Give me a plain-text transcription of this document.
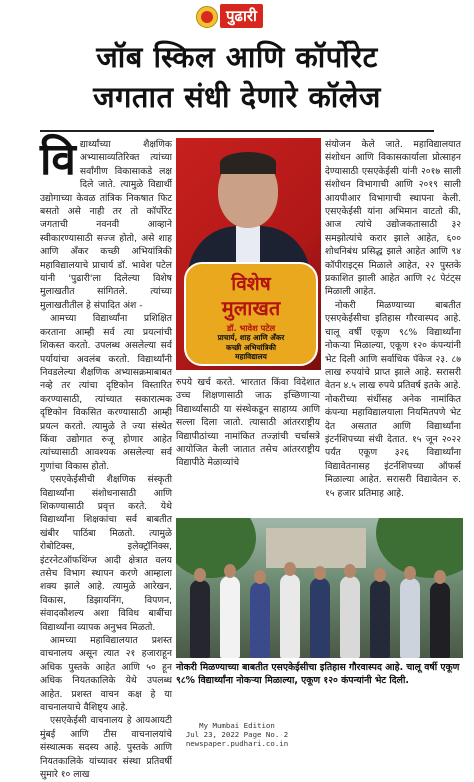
पुढारी
जॉब स्किल आणि कॉर्पोरेट
जगतात संधी देणारे कॉलेज
वि द्यार्थ्यांच्या शैक्षणिक अभ्यासाव्यतिरिक्त त्यांच्या सर्वांगीण विकासाकडे लक्ष दिले जाते. त्यामुळे विद्यार्थी उद्योगाच्या केवळ तांत्रिक निकषात फिट बसतो असे नाही तर तो कॉर्पोरेट जगताची नवनवी आव्हाने स्वीकारण्यासाठी सज्ज होतो, असे शाह आणि ॲंकर कच्छी अभियांत्रिकी महाविद्यालयाचे प्राचार्य डॉ. भावेश पटेल यांनी 'पुढारी'ला दिलेल्या विशेष मुलाखतीत सांगितले. त्यांच्या मुलाखतीतील हे संपादित अंश -

आमच्या विद्यार्थ्यांना प्रशिक्षित करताना आम्ही सर्व त्या प्रयत्नांची शिकस्त करतो. उपलब्ध असलेल्या सर्व पर्यायांचा अवलंब करतो. विद्यार्थ्यांनी निवडलेल्या शैक्षणिक अभ्यासक्रमाबाबत नव्हे तर त्यांचा दृष्टिकोन विस्तारित करण्यासाठी, त्यांच्यात सकारात्मक दृष्टिकोन विकसित करण्यासाठी आम्ही प्रयत्न करतो. त्यामुळे ते ज्या संस्थेत किंवा उद्योगात रुजू होणार आहेत त्यांच्यासाठी आवश्यक असलेल्या सर्व गुणांचा विकास होतो.

एसएकेईसीची शैक्षणिक संस्कृती विद्यार्थ्यांना संशोधनासाठी आणि शिकण्यासाठी प्रवृत्त करते. येथे विद्यार्थ्यांना शिक्षकांचा सर्व बाबतीत खंबीर पाठिंबा मिळतो. त्यामुळे रोबोटिक्स, इलेक्ट्रॉनिक्स, इंटरनेटऑफथिंग्ज आदी क्षेत्रात वलय तसेच विभाग स्थापन करणे आम्हाला शक्य झाले आहे. त्यामुळे आरेखन, विकास, डिझायनिंग, विपणन, संवादकौशल्य अशा विविध बाबींचा विद्यार्थ्यांना व्यापक अनुभव मिळतो.

आमच्या महाविद्यालयात प्रशस्त वाचनालय असून त्यात २१ हजाराहून अधिक पुस्तके आहेत आणि ५० हून अधिक नियतकालिके येथे उपलब्ध आहेत. प्रशस्त वाचन कक्ष हे या वाचनालयाचे वैशिष्ट्य आहे.

एसएकेईसी वाचनालय हे आयआयटी मुंबई आणि टीस वाचनालयांचे संस्थात्मक सदस्य आहे. पुस्तके आणि नियतकालिके यांच्यावर संस्था प्रतिवर्षी सुमारे १० लाख

विशेष
मुलाखत
डॉ. भावेश पटेल
प्राचार्य, शाह आणि ॲंकर
कच्छी अभियांत्रिकी
महाविद्यालय

रुपये खर्च करते. भारतात किंवा विदेशात उच्च शिक्षणासाठी जाऊ इच्छिणाऱ्या विद्यार्थ्यांसाठी या संस्थेकडून साहाय्य आणि सल्ला दिला जातो. त्यासाठी आंतरराष्ट्रीय विद्यापीठांच्या नामांकित तज्ज्ञांची चर्चासत्रे आयोजित केली जातात तसेच आंतरराष्ट्रीय विद्यापीठे मेळाव्यांचे

संयोजन केले जाते. महाविद्यालयात संशोधन आणि विकासकार्याला प्रोत्साहन देण्यासाठी एसएकेईसी यांनी २०१७ साली संशोधन विभागाची आणि २०१९ साली आयपीआर विभागाची स्थापना केली. एसएकेईसी यांना अभिमान वाटतो की, आज त्यांचे उद्योजकतासाठी ३२ समझोत्यांचे करार झाले आहेत, ६०० शोधनिबंध प्रसिद्ध झाले आहेत आणि ९४ कॉपीराइट्स मिळाले आहेत, २२ पुस्तके प्रकाशित झाली आहेत आणि २८ पेटंट्स मिळाली आहेत.

नोकरी मिळण्याच्या बाबतीत एसएकेईसीचा इतिहास गौरवास्पद आहे. चालू वर्षी एकूण ९८% विद्यार्थ्यांना नोकऱ्या मिळाल्या, एकूण १२० कंपन्यांनी भेट दिली आणि सर्वाधिक पॅकेज २३. ८७ लाख रुपयांचे प्राप्त झाले आहे. सरासरी वेतन ४.५ लाख रुपये प्रतिवर्ष इतके आहे. नोकरीच्या संधींसह अनेक नामांकित कंपन्या महाविद्यालयाला नियमितपणे भेट देत असतात आणि विद्यार्थ्यांना इंटर्नशिपच्या संधी देतात. १५ जून २०२२ पर्यंत एकूण ३२६ विद्यार्थ्यांना विद्यावेतनासह इंटर्नशिपच्या ऑफर्स मिळाल्या आहेत. सरासरी विद्यावेतन रु. १५ हजार प्रतिमाह आहे.

नोकरी मिळण्याच्या बाबतीत एसएकेईसीचा इतिहास गौरवास्पद आहे. चालू वर्षी एकूण ९८% विद्यार्थ्यांना नोकऱ्या मिळाल्या, एकूण १२० कंपन्यांनी भेट दिली.
My Mumbai Edition
Jul 23, 2022 Page No. 2
newspaper.pudhari.co.in
